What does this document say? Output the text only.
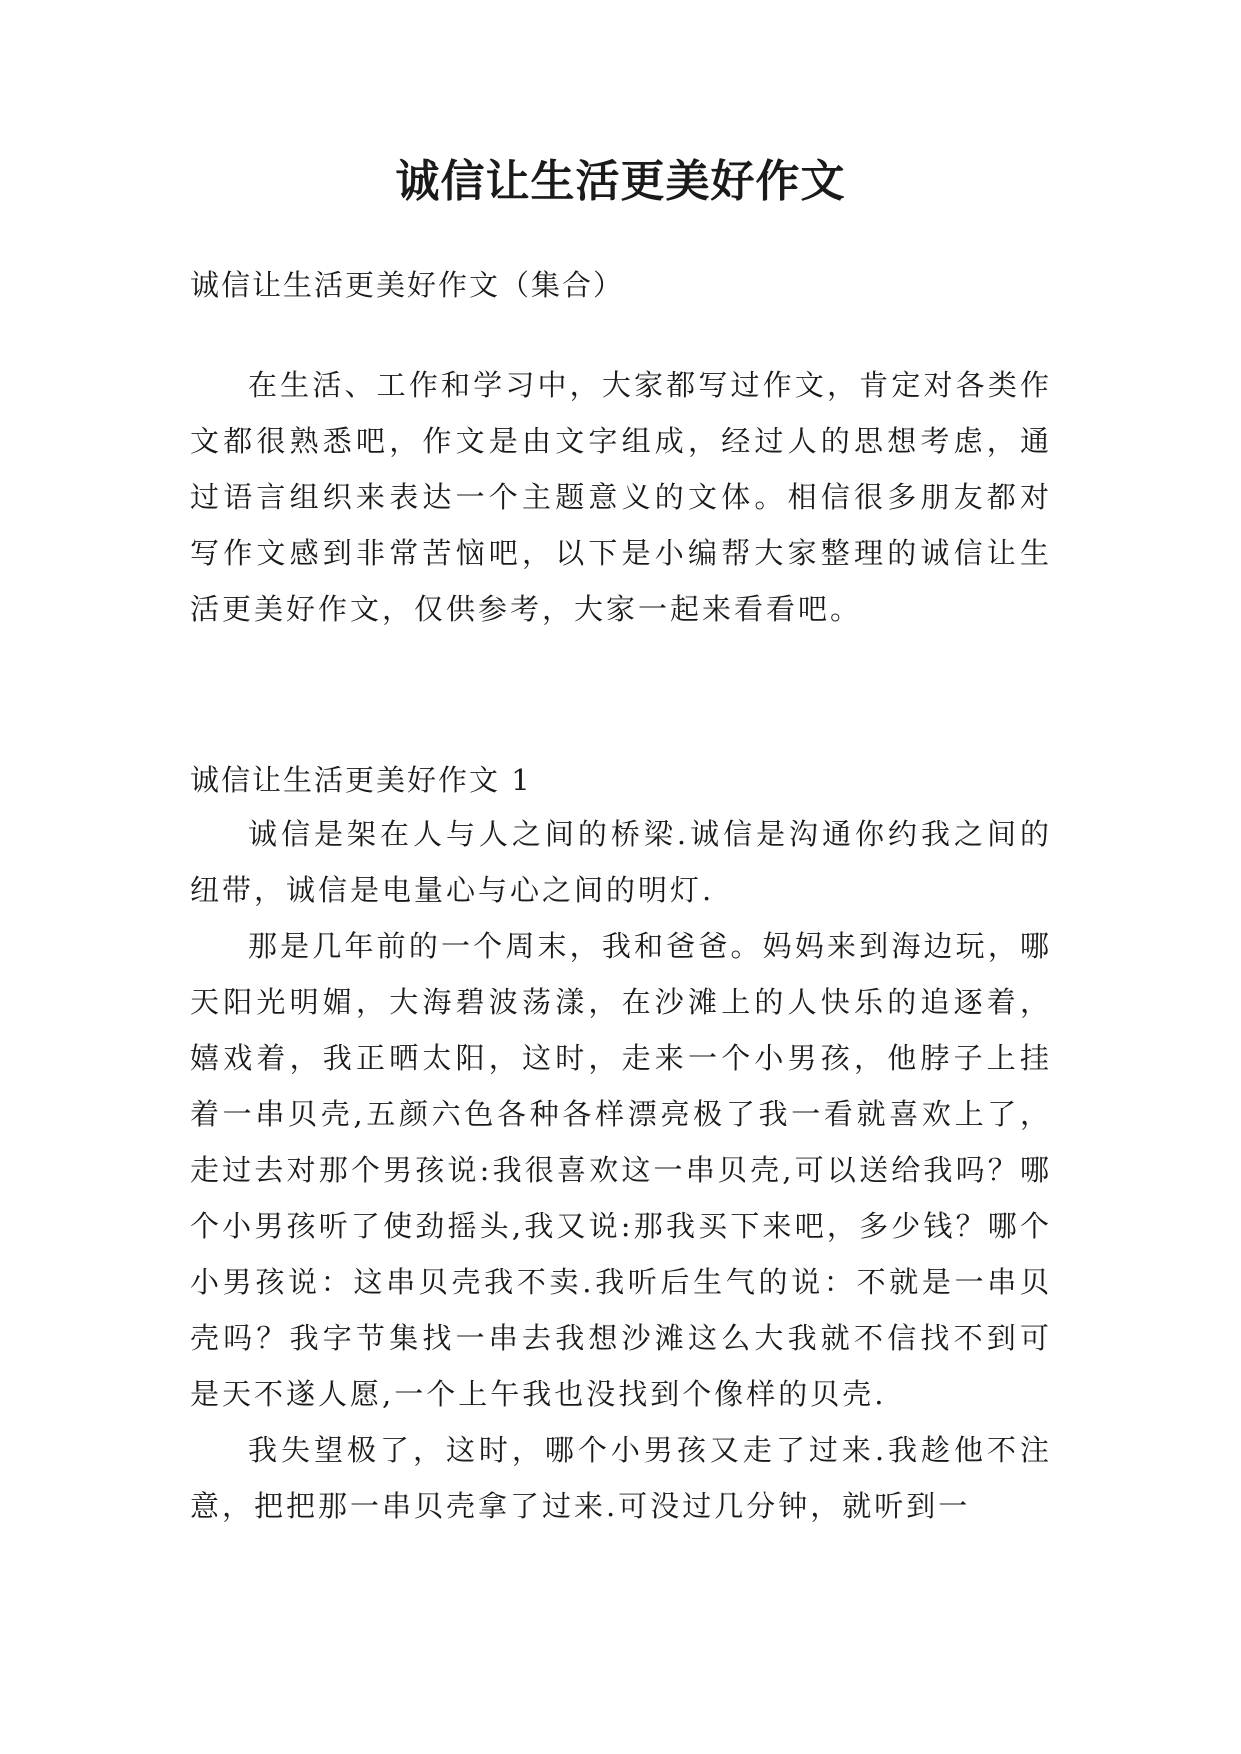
诚信让生活更美好作文

诚信让生活更美好作文（集合）

在生活、工作和学习中，大家都写过作文，肯定对各类作文都很熟悉吧，作文是由文字组成，经过人的思想考虑，通过语言组织来表达一个主题意义的文体。相信很多朋友都对写作文感到非常苦恼吧，以下是小编帮大家整理的诚信让生活更美好作文，仅供参考，大家一起来看看吧。

诚信让生活更美好作文 1

诚信是架在人与人之间的桥梁.诚信是沟通你约我之间的纽带，诚信是电量心与心之间的明灯.

那是几年前的一个周末，我和爸爸。妈妈来到海边玩，哪天阳光明媚，大海碧波荡漾，在沙滩上的人快乐的追逐着，嬉戏着，我正晒太阳，这时，走来一个小男孩，他脖子上挂着一串贝壳,五颜六色各种各样漂亮极了我一看就喜欢上了，走过去对那个男孩说:我很喜欢这一串贝壳,可以送给我吗？哪个小男孩听了使劲摇头,我又说:那我买下来吧，多少钱？哪个小男孩说：这串贝壳我不卖.我听后生气的说：不就是一串贝壳吗？我字节集找一串去我想沙滩这么大我就不信找不到可是天不遂人愿,一个上午我也没找到个像样的贝壳.

我失望极了，这时，哪个小男孩又走了过来.我趁他不注意，把把那一串贝壳拿了过来.可没过几分钟，就听到一
